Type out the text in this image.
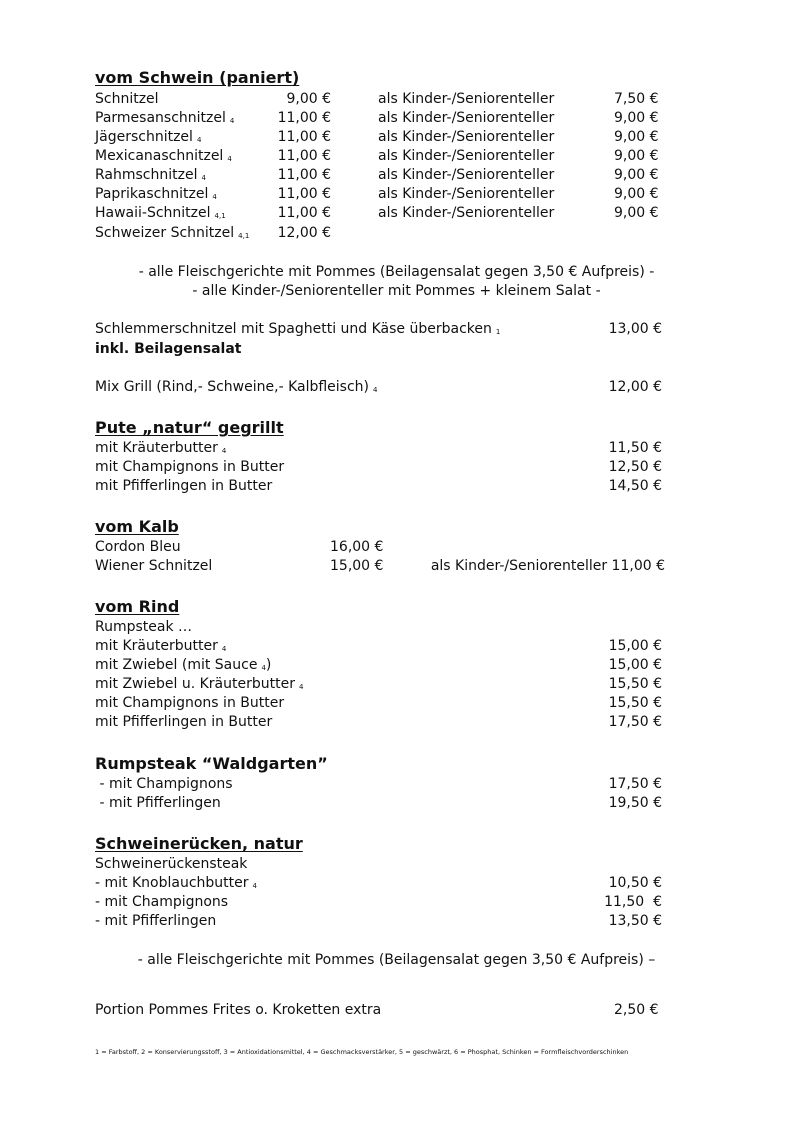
vom Schwein (paniert)
Schnitzel	9,00 €	als Kinder-/Seniorenteller	7,50 €
Parmesanschnitzel 4	11,00 €	als Kinder-/Seniorenteller	9,00 €
Jägerschnitzel 4	11,00 €	als Kinder-/Seniorenteller	9,00 €
Mexicanaschnitzel 4	11,00 €	als Kinder-/Seniorenteller	9,00 €
Rahmschnitzel 4	11,00 €	als Kinder-/Seniorenteller	9,00 €
Paprikaschnitzel 4	11,00 €	als Kinder-/Seniorenteller	9,00 €
Hawaii-Schnitzel 4,1	11,00 €	als Kinder-/Seniorenteller	9,00 €
Schweizer Schnitzel 4,1	12,00 €
- alle Fleischgerichte mit Pommes (Beilagensalat gegen 3,50 € Aufpreis) -
- alle Kinder-/Seniorenteller mit Pommes + kleinem Salat -
Schlemmerschnitzel mit Spaghetti und Käse überbacken 1	13,00 €
inkl. Beilagensalat
Mix Grill (Rind,- Schweine,- Kalbfleisch) 4	12,00 €
Pute „natur“ gegrillt
mit Kräuterbutter 4	11,50 €
mit Champignons in Butter	12,50 €
mit Pfifferlingen in Butter	14,50 €
vom Kalb
Cordon Bleu	16,00 €
Wiener Schnitzel	15,00 €	als Kinder-/Seniorenteller 11,00 €
vom Rind
Rumpsteak …
mit Kräuterbutter 4	15,00 €
mit Zwiebel (mit Sauce 4)	15,00 €
mit Zwiebel u. Kräuterbutter 4	15,50 €
mit Champignons in Butter	15,50 €
mit Pfifferlingen in Butter	17,50 €
Rumpsteak “Waldgarten”
- mit Champignons	17,50 €
- mit Pfifferlingen	19,50 €
Schweinerücken, natur
Schweinerückensteak
- mit Knoblauchbutter 4	10,50 €
- mit Champignons	11,50  €
- mit Pfifferlingen	13,50 €
- alle Fleischgerichte mit Pommes (Beilagensalat gegen 3,50 € Aufpreis) –
Portion Pommes Frites o. Kroketten extra	2,50 €
1 = Farbstoff, 2 = Konservierungsstoff, 3 = Antioxidationsmittel, 4 = Geschmacksverstärker, 5 = geschwärzt, 6 = Phosphat, Schinken = Formfleischvorderschinken
